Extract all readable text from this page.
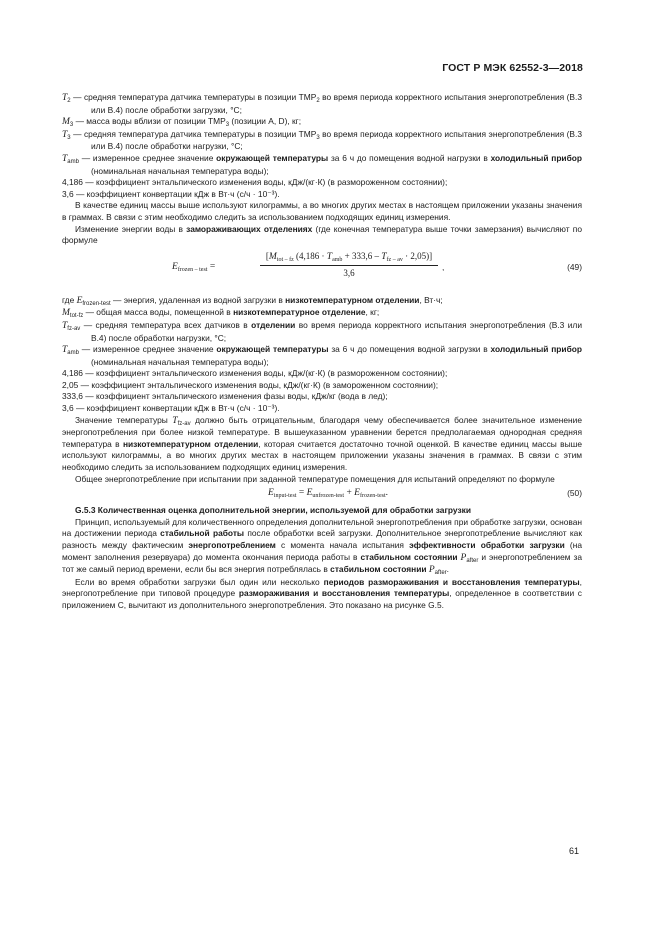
ГОСТ Р МЭК 62552-3—2018

$T_2$ — средняя температура датчика температуры в позиции $TMP_2$ во время периода корректного испытания энергопотребления (B.3 или B.4) после обработки загрузки, °С;

$M_3$ — масса воды вблизи от позиции $TMP_3$ (позиции A, D), кг;

$T_3$ — средняя температура датчика температуры в позиции $TMP_3$ во время периода корректного испытания энергопотребления (B.3 или B.4) после обработки нагрузки, °С;

$T_{amb}$ — измеренное среднее значение окружающей температуры за 6 ч до помещения водной нагрузки в холодильный прибор (номинальная начальная температура воды);

4,186 — коэффициент энтальпического изменения воды, кДж/(кг·К) (в размороженном состоянии);

3,6 — коэффициент конвертации кДж в Вт·ч (с/ч · 10⁻³).

В качестве единиц массы выше используют килограммы, а во многих других местах в настоящем приложении указаны значения в граммах. В связи с этим необходимо следить за использованием подходящих единиц измерения.

Изменение энергии воды в замораживающих отделениях (где конечная температура выше точки замерзания) вычисляют по формуле

$E_{frozen - test}$ =
[$M_{tot - fz}$ $(4,186 \cdot T_{amb} + 333,6 - T_{fz - av} \cdot 2,05)$]
3,6
,	(49)

где $E_{frozen-test}$ — энергия, удаленная из водной загрузки в низкотемпературном отделении, Вт·ч;

$M_{tot-fz}$ — общая масса воды, помещенной в низкотемпературное отделение, кг;

$T_{fz-av}$ — средняя температура всех датчиков в отделении во время периода корректного испытания энергопотребления (B.3 или B.4) после обработки нагрузки, °С;

$T_{amb}$ — измеренное среднее значение окружающей температуры за 6 ч до помещения водной загрузки в холодильный прибор (номинальная начальная температура воды);

4,186 — коэффициент энтальпического изменения воды, кДж/(кг·К) (в размороженном состоянии);

2,05 — коэффициент энтальпического изменения воды, кДж/(кг·К) (в замороженном состоянии);

333,6 — коэффициент энтальпического изменения фазы воды, кДж/кг (вода в лед);

3,6 — коэффициент конвертации кДж в Вт·ч (с/ч · 10⁻³).

Значение температуры $T_{fz-av}$ должно быть отрицательным, благодаря чему обеспечивается более значительное изменение энергопотребления при более низкой температуре. В вышеуказанном уравнении берется предполагаемая однородная средняя температура в низкотемпературном отделении, которая считается достаточно точной оценкой. В качестве единиц массы выше используют килограммы, а во многих других местах в настоящем приложении указаны значения в граммах. В связи с этим необходимо следить за использованием подходящих единиц измерения.

Общее энергопотребление при испытании при заданной температуре помещения для испытаний определяют по формуле

$E_{input-test} = E_{unfrozen-test} + E_{frozen-test}$.	(50)

G.5.3 Количественная оценка дополнительной энергии, используемой для обработки загрузки

Принцип, используемый для количественного определения дополнительной энергопотребления при обработке загрузки, основан на достижении периода стабильной работы после обработки всей загрузки. Дополнительное энергопотребление вычисляют как разность между фактическим энергопотреблением с момента начала испытания эффективности обработки загрузки (на момент заполнения резервуара) до момента окончания периода работы в стабильном состоянии $P_{after}$ и энергопотреблением за тот же самый период времени, если бы вся энергия потреблялась в стабильном состоянии $P_{after}$.

Если во время обработки загрузки был один или несколько периодов размораживания и восстановления температуры, энергопотребление при типовой процедуре размораживания и восстановления температуры, определенное в соответствии с приложением С, вычитают из дополнительного энергопотребления. Это показано на рисунке G.5.

61
